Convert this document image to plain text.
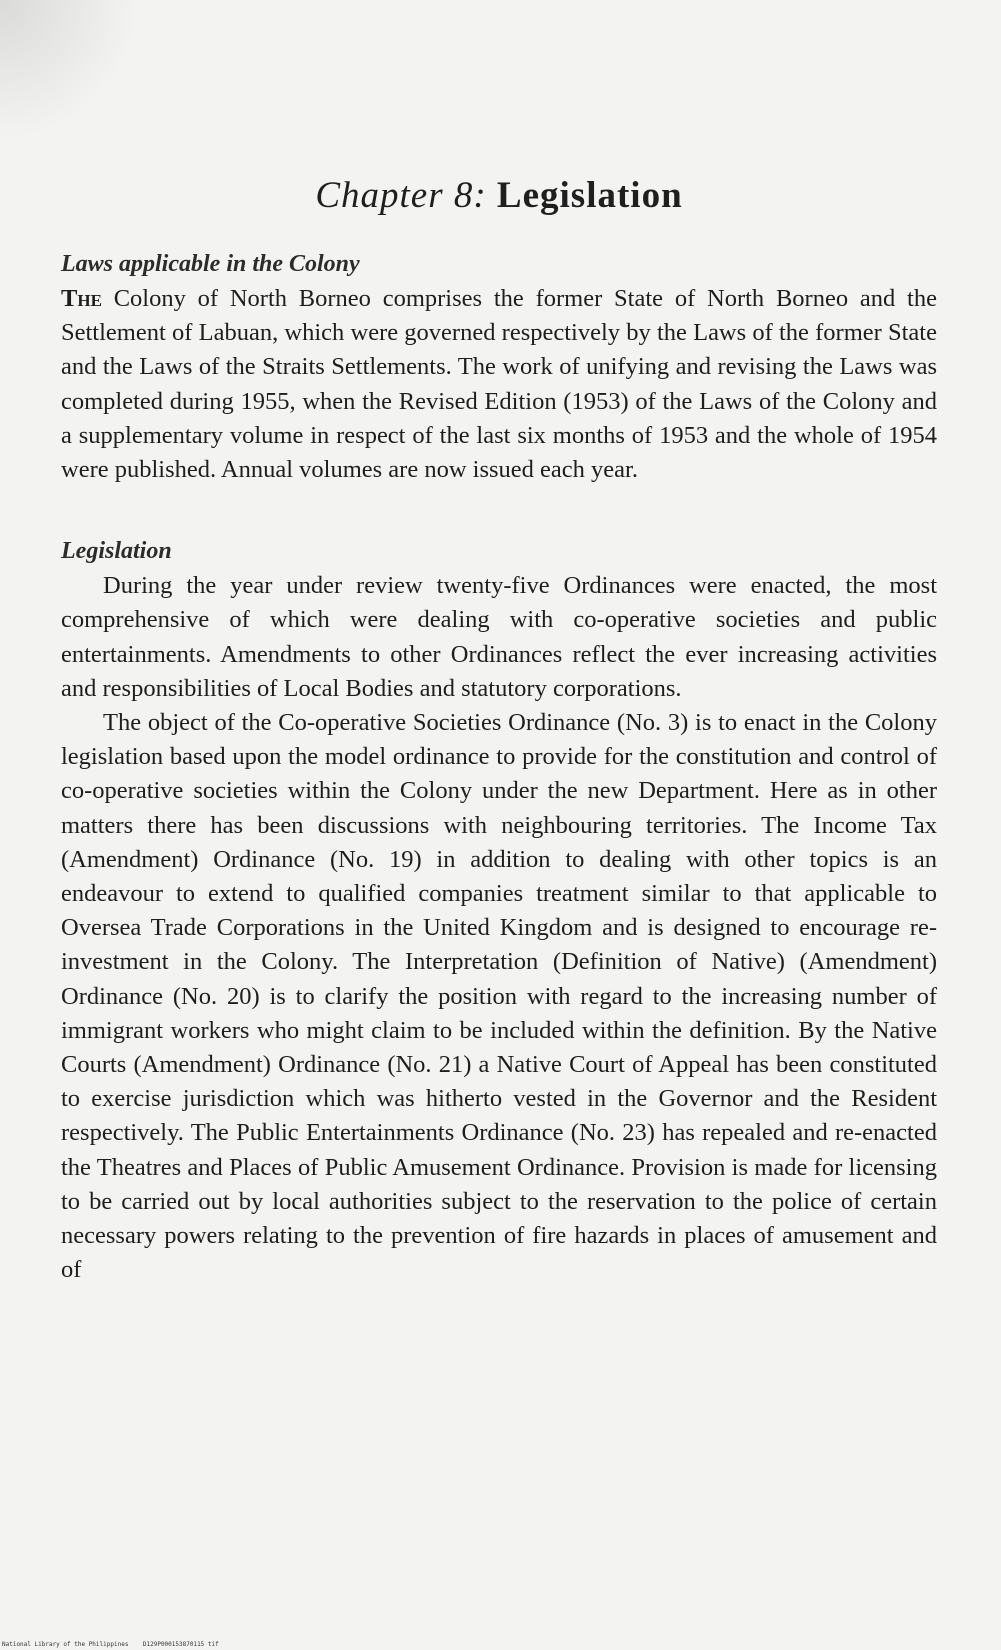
Chapter 8: Legislation
Laws applicable in the Colony

The Colony of North Borneo comprises the former State of North Borneo and the Settlement of Labuan, which were governed respectively by the Laws of the former State and the Laws of the Straits Settlements. The work of unifying and revising the Laws was completed during 1955, when the Revised Edition (1953) of the Laws of the Colony and a supplementary volume in respect of the last six months of 1953 and the whole of 1954 were published. Annual volumes are now issued each year.

Legislation

During the year under review twenty-five Ordinances were enacted, the most comprehensive of which were dealing with co-operative societies and public entertainments. Amendments to other Ordinances reflect the ever increasing activities and responsibilities of Local Bodies and statutory corporations.

The object of the Co-operative Societies Ordinance (No. 3) is to enact in the Colony legislation based upon the model ordinance to provide for the constitution and control of co-operative societies within the Colony under the new Department. Here as in other matters there has been discussions with neighbouring territories. The Income Tax (Amendment) Ordinance (No. 19) in addition to dealing with other topics is an endeavour to extend to qualified companies treatment similar to that applicable to Oversea Trade Corporations in the United Kingdom and is designed to encourage re-investment in the Colony. The Interpretation (Definition of Native) (Amendment) Ordinance (No. 20) is to clarify the position with regard to the increasing number of immigrant workers who might claim to be included within the definition. By the Native Courts (Amendment) Ordinance (No. 21) a Native Court of Appeal has been constituted to exercise jurisdiction which was hitherto vested in the Governor and the Resident respectively. The Public Entertainments Ordinance (No. 23) has repealed and re-enacted the Theatres and Places of Public Amusement Ordinance. Provision is made for licensing to be carried out by local authorities subject to the reservation to the police of certain necessary powers relating to the prevention of fire hazards in places of amusement and of

National Library of the Philippines    D129P000153870115 tif
